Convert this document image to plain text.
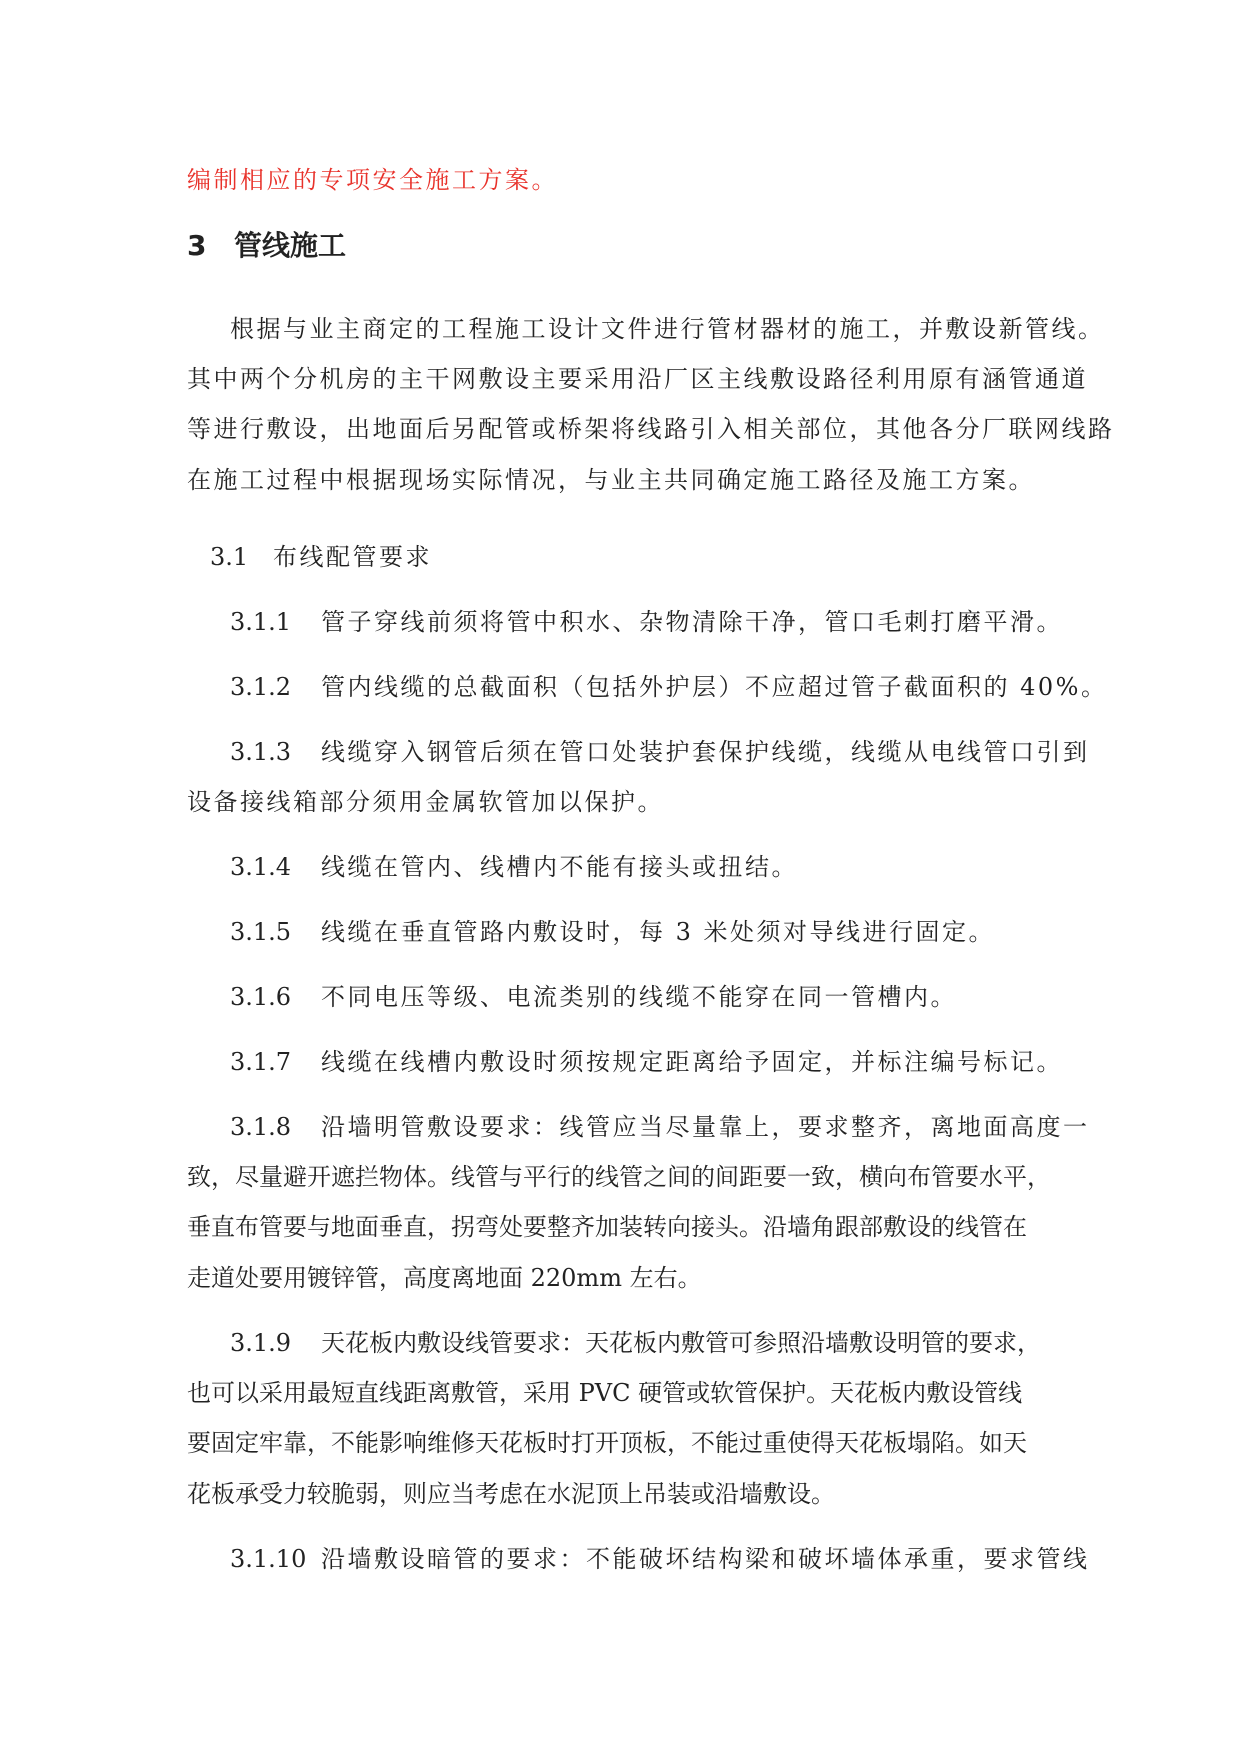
编制相应的专项安全施工方案。
3 管线施工
根据与业主商定的工程施工设计文件进行管材器材的施工，并敷设新管线。
其中两个分机房的主干网敷设主要采用沿厂区主线敷设路径利用原有涵管通道
等进行敷设，出地面后另配管或桥架将线路引入相关部位，其他各分厂联网线路
在施工过程中根据现场实际情况，与业主共同确定施工路径及施工方案。
3.1 布线配管要求
3.1.1 管子穿线前须将管中积水、杂物清除干净，管口毛刺打磨平滑。
3.1.2 管内线缆的总截面积（包括外护层）不应超过管子截面积的 40%。
3.1.3 线缆穿入钢管后须在管口处装护套保护线缆，线缆从电线管口引到
设备接线箱部分须用金属软管加以保护。
3.1.4 线缆在管内、线槽内不能有接头或扭结。
3.1.5 线缆在垂直管路内敷设时，每 3 米处须对导线进行固定。
3.1.6 不同电压等级、电流类别的线缆不能穿在同一管槽内。
3.1.7 线缆在线槽内敷设时须按规定距离给予固定，并标注编号标记。
3.1.8 沿墙明管敷设要求：线管应当尽量靠上，要求整齐，离地面高度一
致，尽量避开遮拦物体。线管与平行的线管之间的间距要一致，横向布管要水平，
垂直布管要与地面垂直，拐弯处要整齐加装转向接头。沿墙角跟部敷设的线管在
走道处要用镀锌管，高度离地面 220mm 左右。
3.1.9 天花板内敷设线管要求：天花板内敷管可参照沿墙敷设明管的要求，
也可以采用最短直线距离敷管，采用 PVC 硬管或软管保护。天花板内敷设管线
要固定牢靠，不能影响维修天花板时打开顶板，不能过重使得天花板塌陷。如天
花板承受力较脆弱，则应当考虑在水泥顶上吊装或沿墙敷设。
3.1.10 沿墙敷设暗管的要求：不能破坏结构梁和破坏墙体承重，要求管线
